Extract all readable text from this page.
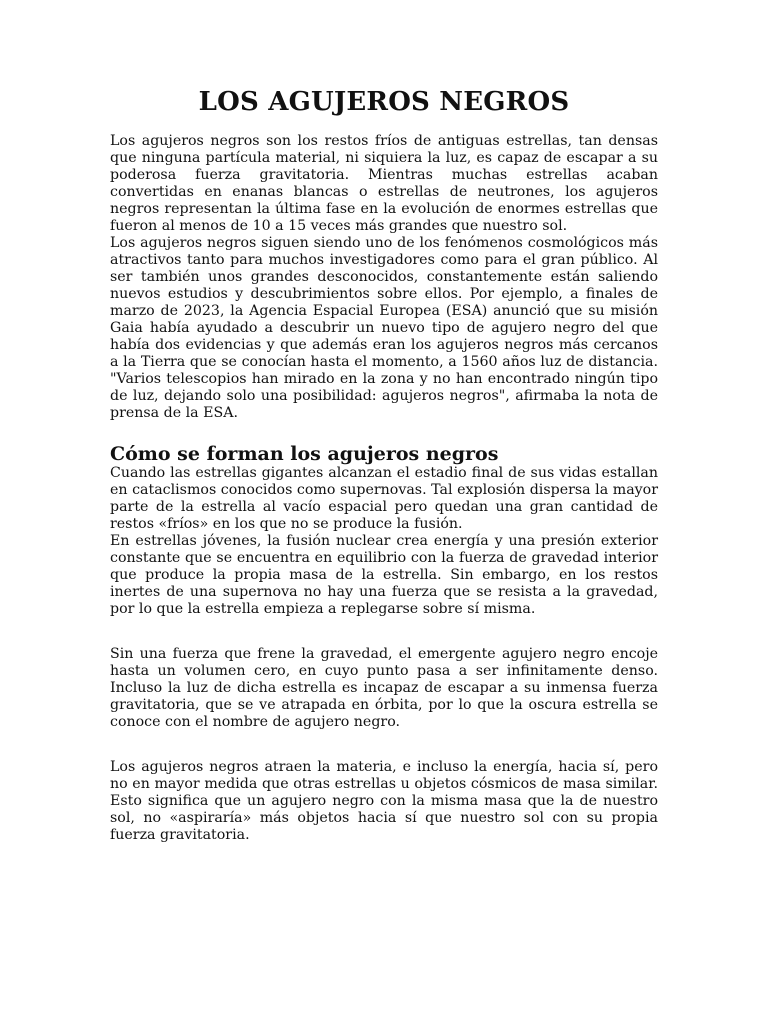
LOS AGUJEROS NEGROS

Los agujeros negros son los restos fríos de antiguas estrellas, tan densas que ninguna partícula material, ni siquiera la luz, es capaz de escapar a su poderosa fuerza gravitatoria. Mientras muchas estrellas acaban convertidas en enanas blancas o estrellas de neutrones, los agujeros negros representan la última fase en la evolución de enormes estrellas que fueron al menos de 10 a 15 veces más grandes que nuestro sol.

Los agujeros negros siguen siendo uno de los fenómenos cosmológicos más atractivos tanto para muchos investigadores como para el gran público. Al ser también unos grandes desconocidos, constantemente están saliendo nuevos estudios y descubrimientos sobre ellos. Por ejemplo, a finales de marzo de 2023, la Agencia Espacial Europea (ESA) anunció que su misión Gaia había ayudado a descubrir un nuevo tipo de agujero negro del que había dos evidencias y que además eran los agujeros negros más cercanos a la Tierra que se conocían hasta el momento, a 1560 años luz de distancia. "Varios telescopios han mirado en la zona y no han encontrado ningún tipo de luz, dejando solo una posibilidad: agujeros negros", afirmaba la nota de prensa de la ESA.

Cómo se forman los agujeros negros

Cuando las estrellas gigantes alcanzan el estadio final de sus vidas estallan en cataclismos conocidos como supernovas. Tal explosión dispersa la mayor parte de la estrella al vacío espacial pero quedan una gran cantidad de restos «fríos» en los que no se produce la fusión.

En estrellas jóvenes, la fusión nuclear crea energía y una presión exterior constante que se encuentra en equilibrio con la fuerza de gravedad interior que produce la propia masa de la estrella. Sin embargo, en los restos inertes de una supernova no hay una fuerza que se resista a la gravedad, por lo que la estrella empieza a replegarse sobre sí misma.

Sin una fuerza que frene la gravedad, el emergente agujero negro encoje hasta un volumen cero, en cuyo punto pasa a ser infinitamente denso. Incluso la luz de dicha estrella es incapaz de escapar a su inmensa fuerza gravitatoria, que se ve atrapada en órbita, por lo que la oscura estrella se conoce con el nombre de agujero negro.

Los agujeros negros atraen la materia, e incluso la energía, hacia sí, pero no en mayor medida que otras estrellas u objetos cósmicos de masa similar. Esto significa que un agujero negro con la misma masa que la de nuestro sol, no «aspiraría» más objetos hacia sí que nuestro sol con su propia fuerza gravitatoria.
